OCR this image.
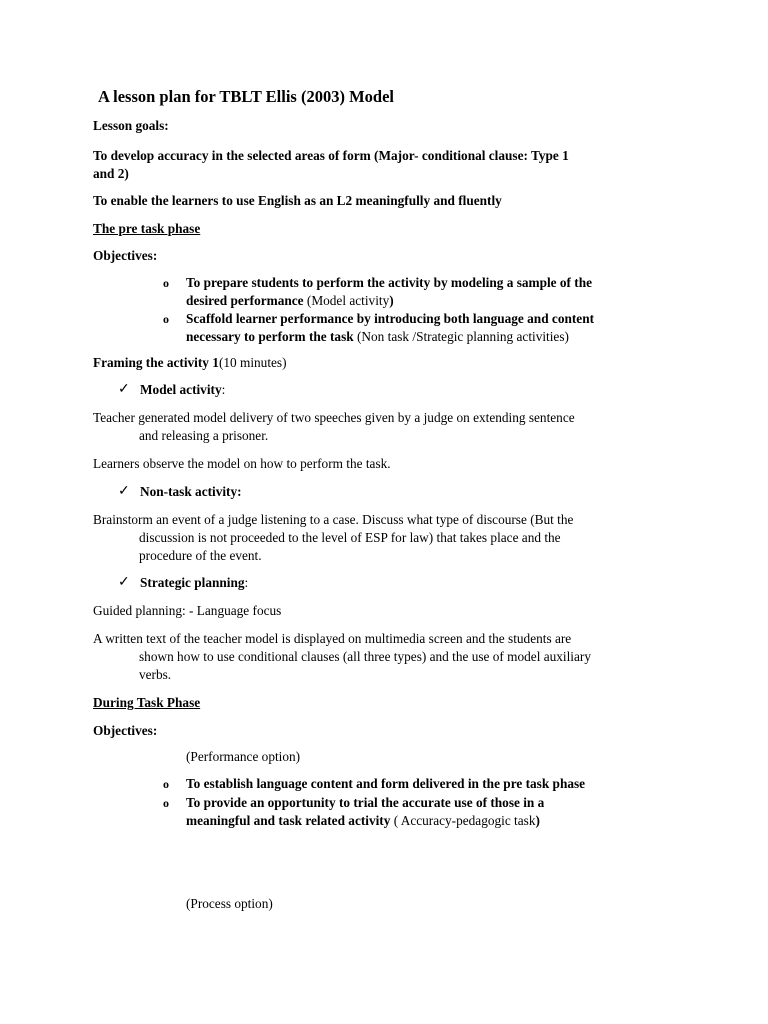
A lesson plan for TBLT Ellis (2003) Model
Lesson goals:
To develop accuracy in the selected areas of form (Major- conditional clause: Type 1
and 2)
To enable the learners to use English as an L2 meaningfully and fluently
The pre task phase
Objectives:
o To prepare students to perform the activity by modeling a sample of the
desired performance (Model activity)
o Scaffold learner performance by introducing both language and content
necessary to perform the task (Non task /Strategic planning activities)
Framing the activity 1(10 minutes)
✓ Model activity:
Teacher generated model delivery of two speeches given by a judge on extending sentence
and releasing a prisoner.
Learners observe the model on how to perform the task.
✓ Non-task activity:
Brainstorm an event of a judge listening to a case. Discuss what type of discourse (But the
discussion is not proceeded to the level of ESP for law) that takes place and the
procedure of the event.
✓ Strategic planning:
Guided planning: - Language focus
A written text of the teacher model is displayed on multimedia screen and the students are
shown how to use conditional clauses (all three types) and the use of model auxiliary
verbs.
During Task Phase
Objectives:
(Performance option)
o To establish language content and form delivered in the pre task phase
o To provide an opportunity to trial the accurate use of those in a
meaningful and task related activity ( Accuracy-pedagogic task)
(Process option)
